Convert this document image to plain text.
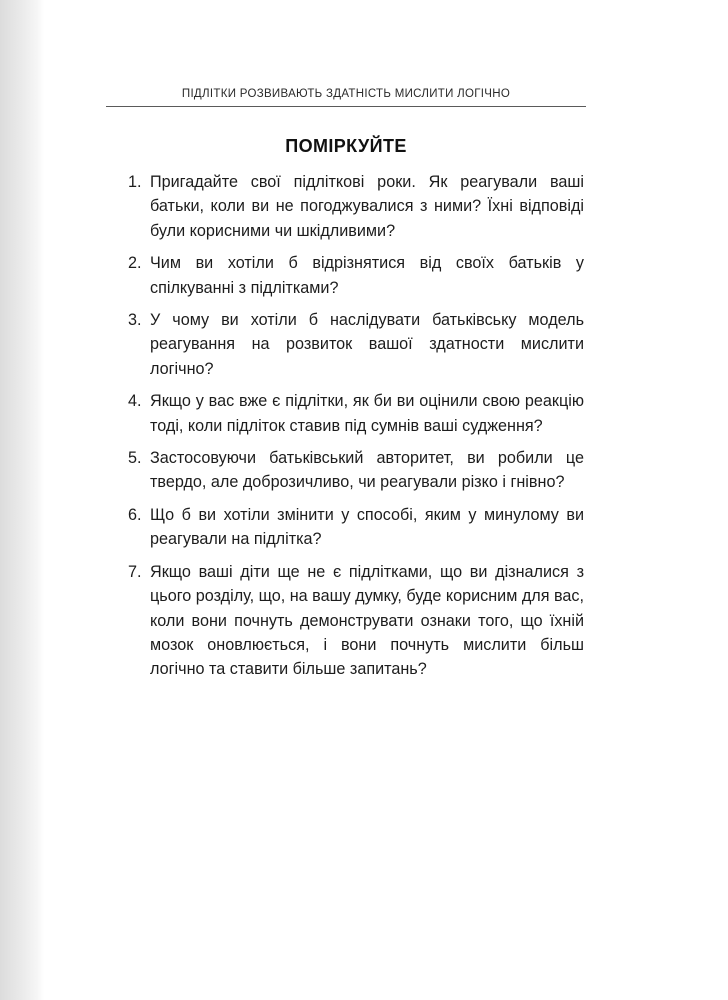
ПІДЛІТКИ РОЗВИВАЮТЬ ЗДАТНІСТЬ МИСЛИТИ ЛОГІЧНО
ПОМІРКУЙТЕ
1. Пригадайте свої підліткові роки. Як реагували ваші батьки, коли ви не погоджувалися з ними? Їхні відповіді були корисними чи шкідливими?
2. Чим ви хотіли б відрізнятися від своїх батьків у спілкуванні з підлітками?
3. У чому ви хотіли б наслідувати батьківську модель реагування на розвиток вашої здатности мислити логічно?
4. Якщо у вас вже є підлітки, як би ви оцінили свою реакцію тоді, коли підліток ставив під сумнів ваші судження?
5. Застосовуючи батьківський авторитет, ви робили це твердо, але доброзичливо, чи реагували різко і гнівно?
6. Що б ви хотіли змінити у способі, яким у минулому ви реагували на підлітка?
7. Якщо ваші діти ще не є підлітками, що ви дізналися з цього розділу, що, на вашу думку, буде корисним для вас, коли вони почнуть демонструвати ознаки того, що їхній мозок оновлюється, і вони почнуть мислити більш логічно та ставити більше запитань?
